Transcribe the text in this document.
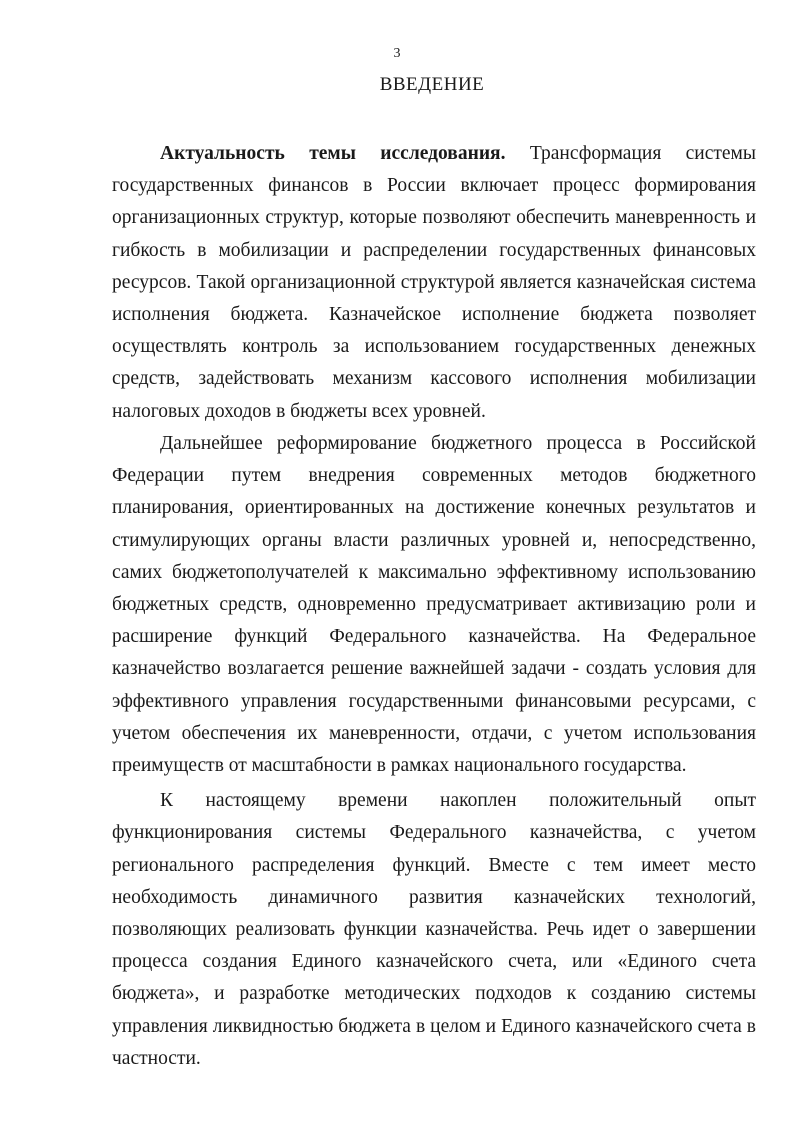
3
ВВЕДЕНИЕ

Актуальность темы исследования. Трансформация системы государственных финансов в России включает процесс формирования организационных структур, которые позволяют обеспечить маневренность и гибкость в мобилизации и распределении государственных финансовых ресурсов. Такой организационной структурой является казначейская система исполнения бюджета. Казначейское исполнение бюджета позволяет осуществлять контроль за использованием государственных денежных средств, задействовать механизм кассового исполнения мобилизации налоговых доходов в бюджеты всех уровней.

Дальнейшее реформирование бюджетного процесса в Российской Федерации путем внедрения современных методов бюджетного планирования, ориентированных на достижение конечных результатов и стимулирующих органы власти различных уровней и, непосредственно, самих бюджетополучателей к максимально эффективному использованию бюджетных средств, одновременно предусматривает активизацию роли и расширение функций Федерального казначейства. На Федеральное казначейство возлагается решение важнейшей задачи - создать условия для эффективного управления государственными финансовыми ресурсами, с учетом обеспечения их маневренности, отдачи, с учетом использования преимуществ от масштабности в рамках национального государства.

К настоящему времени накоплен положительный опыт функционирования системы Федерального казначейства, с учетом регионального распределения функций. Вместе с тем имеет место необходимость динамичного развития казначейских технологий, позволяющих реализовать функции казначейства. Речь идет о завершении процесса создания Единого казначейского счета, или «Единого счета бюджета», и разработке методических подходов к созданию системы управления ликвидностью бюджета в целом и Единого казначейского счета в частности.
